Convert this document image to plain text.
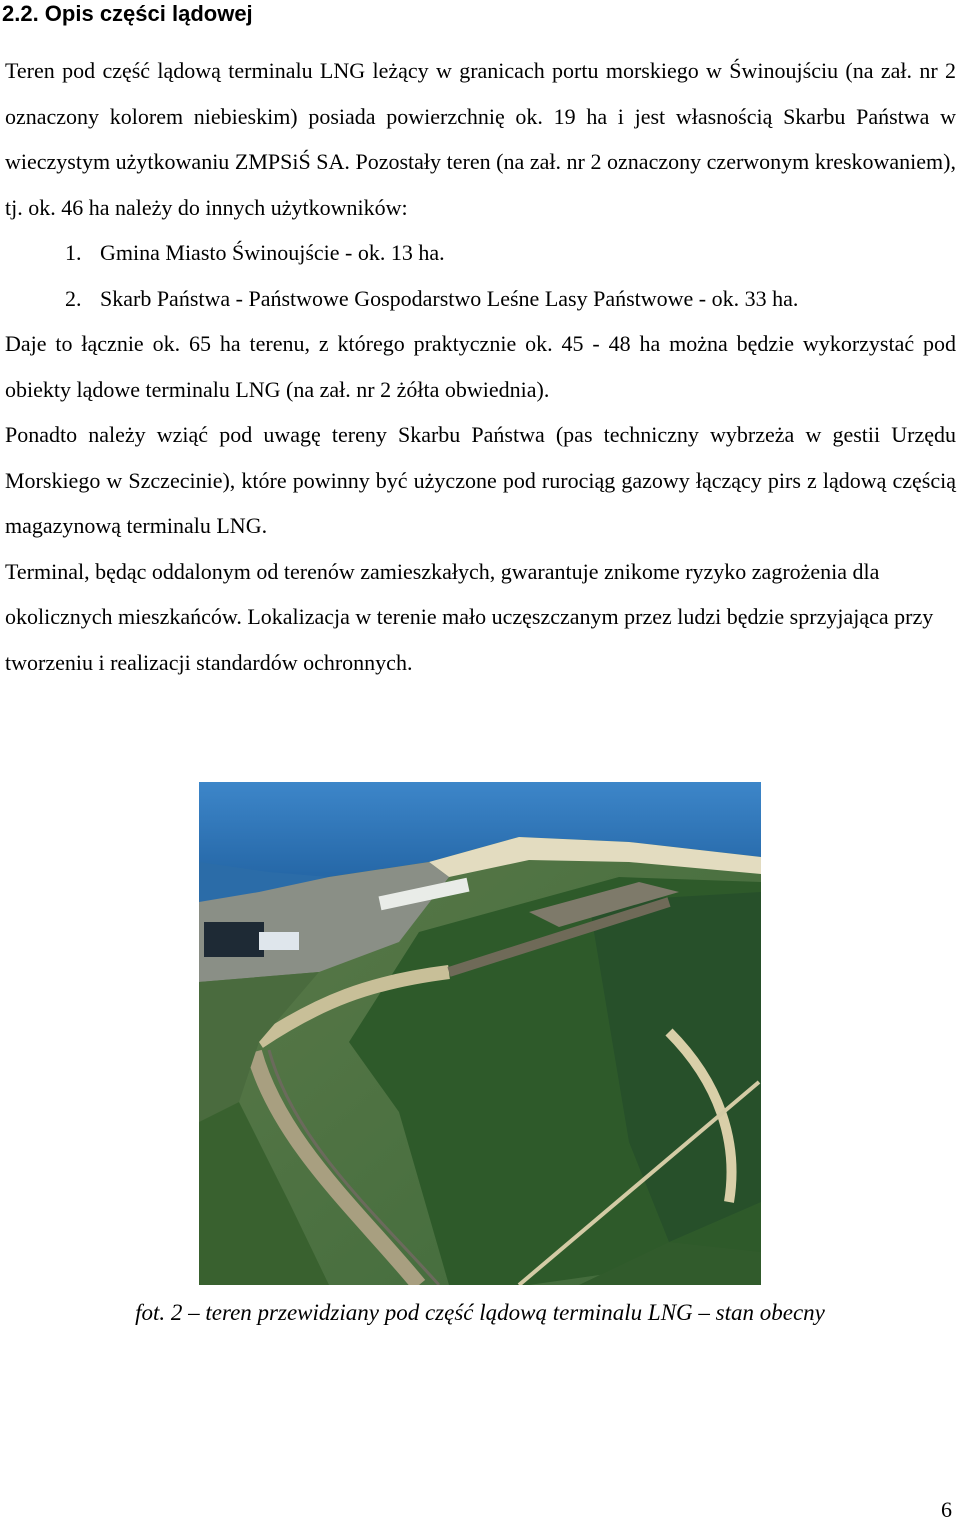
2.2. Opis części lądowej

Teren pod część lądową terminalu LNG leżący w granicach portu morskiego w Świnoujściu (na zał. nr 2 oznaczony kolorem niebieskim) posiada powierzchnię ok. 19 ha i jest własnością Skarbu Państwa w wieczystym użytkowaniu ZMPSiŚ SA. Pozostały teren (na zał. nr 2 oznaczony czerwonym kreskowaniem), tj. ok. 46 ha należy do innych użytkowników:

1. Gmina Miasto Świnoujście - ok. 13 ha.
2. Skarb Państwa - Państwowe Gospodarstwo Leśne Lasy Państwowe - ok. 33 ha.

Daje to łącznie ok. 65 ha terenu, z którego praktycznie ok. 45 - 48 ha można będzie wykorzystać pod obiekty lądowe terminalu LNG (na zał. nr 2 żółta obwiednia).

Ponadto należy wziąć pod uwagę tereny Skarbu Państwa (pas techniczny wybrzeża w gestii Urzędu Morskiego w Szczecinie), które powinny być użyczone pod rurociąg gazowy łączący pirs z lądową częścią magazynową terminalu LNG.

Terminal, będąc oddalonym od terenów zamieszkałych, gwarantuje znikome ryzyko zagrożenia dla okolicznych mieszkańców. Lokalizacja w terenie mało uczęszczanym przez ludzi będzie sprzyjająca przy tworzeniu i realizacji standardów ochronnych.

fot. 2 – teren przewidziany pod część lądową terminalu LNG – stan obecny
6
